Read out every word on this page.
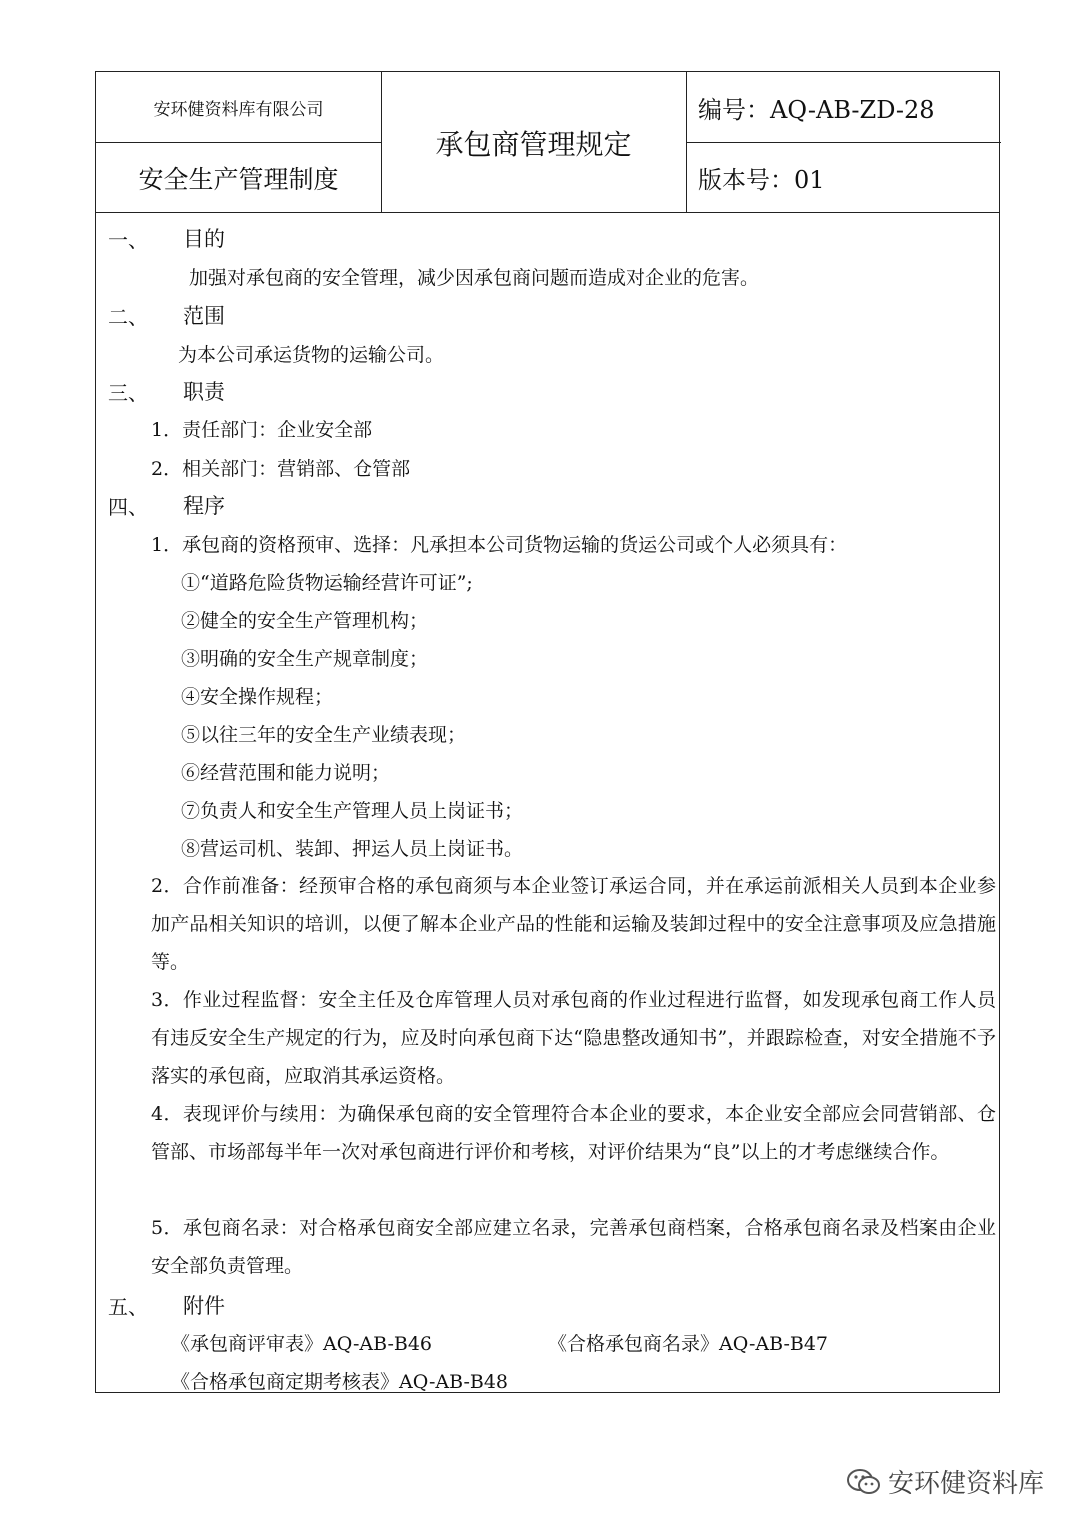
安环健资料库有限公司
安全生产管理制度
承包商管理规定
编号：AQ-AB-ZD-28
版本号：01
一、 目的
加强对承包商的安全管理，减少因承包商问题而造成对企业的危害。
二、 范围
为本公司承运货物的运输公司。
三、 职责
1．责任部门：企业安全部
2．相关部门：营销部、仓管部
四、 程序
1．承包商的资格预审、选择：凡承担本公司货物运输的货运公司或个人必须具有：
①“道路危险货物运输经营许可证”;
②健全的安全生产管理机构；
③明确的安全生产规章制度；
④安全操作规程；
⑤以往三年的安全生产业绩表现；
⑥经营范围和能力说明；
⑦负责人和安全生产管理人员上岗证书；
⑧营运司机、装卸、押运人员上岗证书。
2．合作前准备：经预审合格的承包商须与本企业签订承运合同，并在承运前派相关人员到本企业参加产品相关知识的培训，以便了解本企业产品的性能和运输及装卸过程中的安全注意事项及应急措施等。
3．作业过程监督：安全主任及仓库管理人员对承包商的作业过程进行监督，如发现承包商工作人员有违反安全生产规定的行为，应及时向承包商下达“隐患整改通知书”，并跟踪检查，对安全措施不予落实的承包商，应取消其承运资格。
4．表现评价与续用：为确保承包商的安全管理符合本企业的要求，本企业安全部应会同营销部、仓管部、市场部每半年一次对承包商进行评价和考核，对评价结果为“良”以上的才考虑继续合作。
5．承包商名录：对合格承包商安全部应建立名录，完善承包商档案，合格承包商名录及档案由企业安全部负责管理。
五、 附件
《承包商评审表》AQ-AB-B46	《合格承包商名录》AQ-AB-B47
《合格承包商定期考核表》AQ-AB-B48
安环健资料库
